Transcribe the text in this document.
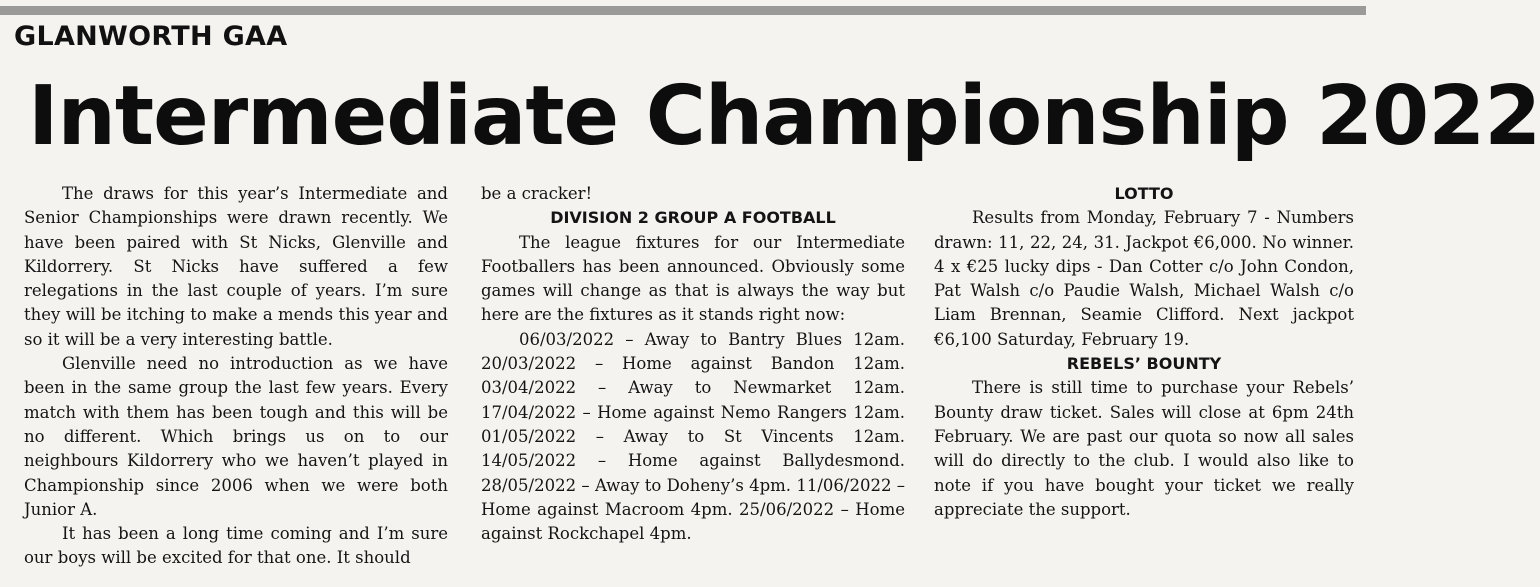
GLANWORTH GAA
Intermediate Championship 2022

The draws for this year’s Intermediate and Senior Championships were drawn recently. We have been paired with St Nicks, Glenville and Kildorrery. St Nicks have suffered a few relegations in the last couple of years. I’m sure they will be itching to make a mends this year and so it will be a very interesting battle.

Glenville need no introduction as we have been in the same group the last few years. Every match with them has been tough and this will be no different. Which brings us on to our neighbours Kildorrery who we haven’t played in Championship since 2006 when we were both Junior A.

It has been a long time coming and I’m sure our boys will be excited for that one. It should

be a cracker!

DIVISION 2 GROUP A FOOTBALL

The league fixtures for our Intermediate Footballers has been announced. Obviously some games will change as that is always the way but here are the fixtures as it stands right now:

06/03/2022 – Away to Bantry Blues 12am. 20/03/2022 – Home against Bandon 12am. 03/04/2022 – Away to Newmarket 12am. 17/04/2022 – Home against Nemo Rangers 12am. 01/05/2022 – Away to St Vincents 12am. 14/05/2022 – Home against Ballydesmond. 28/05/2022 – Away to Doheny’s 4pm. 11/06/2022 – Home against Macroom 4pm. 25/06/2022 – Home against Rockchapel 4pm.

LOTTO

Results from Monday, February 7 - Numbers drawn: 11, 22, 24, 31. Jackpot €6,000. No winner. 4 x €25 lucky dips - Dan Cotter c/o John Condon, Pat Walsh c/o Paudie Walsh, Michael Walsh c/o Liam Brennan, Seamie Clifford. Next jackpot €6,100 Saturday, February 19.

REBELS’ BOUNTY

There is still time to purchase your Rebels’ Bounty draw ticket. Sales will close at 6pm 24th February. We are past our quota so now all sales will do directly to the club. I would also like to note if you have bought your ticket we really appreciate the support.
